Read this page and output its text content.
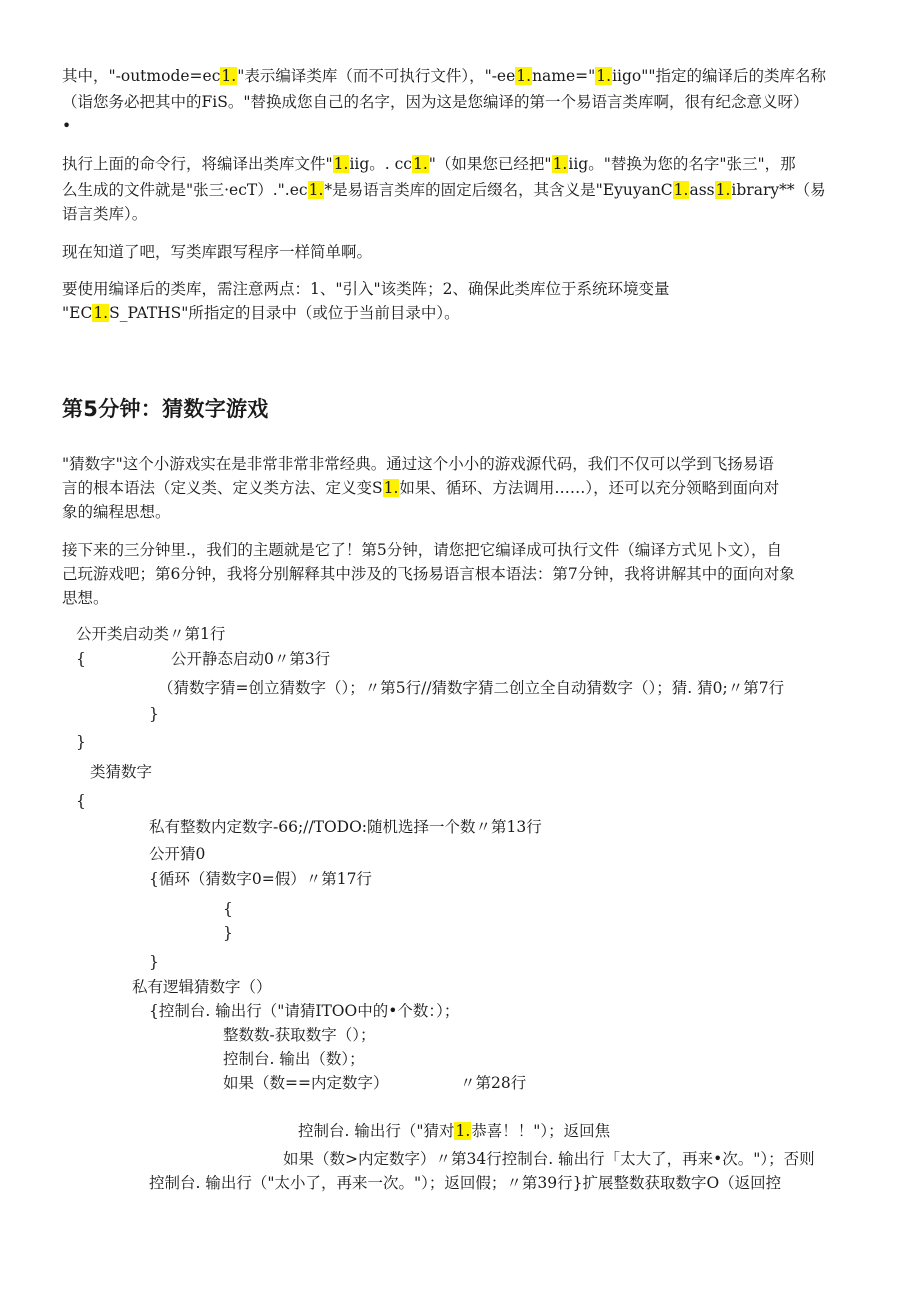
其中，"-outmode=ec1."表示编译类库（而不可执行文件），"-ee1.name="1.iigo""指定的编译后的类库名称
（诣您务必把其中的FiS。"替换成您自己的名字，因为这是您编译的第一个易语言类库啊，很有纪念意义呀）
•
执行上面的命令行，将编译出类库文件"1.iig。. cc1."（如果您已经把"1.iig。"替换为您的名字"张三"，那
么生成的文件就是"张三·ecT）.".ec1.*是易语言类库的固定后缀名，其含义是"EyuyanC1.ass1.ibrary**（易
语言类库）。
现在知道了吧，写类库跟写程序一样简单啊。
要使用编译后的类库，需注意两点：1、"引入"该类阵；2、确保此类库位于系统环境变量
"EC1.S_PATHS"所指定的目录中（或位于当前目录中）。
第5分钟：猜数字游戏
"猜数字"这个小游戏实在是非常非常非常经典。通过这个小小的游戏源代码，我们不仅可以学到飞扬易语
言的根本语法（定义类、定义类方法、定义变S1.如果、循环、方法调用……），还可以充分领略到面向对
象的编程思想。
接下来的三分钟里.，我们的主题就是它了！第5分钟，请您把它编译成可执行文件（编译方式见卜文），自
己玩游戏吧；第6分钟，我将分别解释其中涉及的飞扬易语言根本语法：第7分钟，我将讲解其中的面向对象
思想。
公开类启动类〃第1行
{	公开静态启动0〃第3行
（猜数字猜=创立猜数字（）；〃第5行//猜数字猜二创立全自动猜数字（）；猜. 猜0;〃第7行
}
}
类猜数字
{
私有整数内定数字-66;//TODO:随机选择一个数〃第13行
公开猜0
{循环（猜数字0=假）〃第17行
{
}
}
私有逻辑猜数字（）
{控制台. 输出行（"请猜ITOO中的•个数：）；
整数数-获取数字（）；
控制台. 输出（数）；
如果（数==内定数字）	〃第28行
控制台. 输出行（"猜对1.恭喜！！"）；返回焦
如果（数>内定数字）〃第34行控制台. 输出行「太大了，再来•次。"）；否则
控制台. 输出行（"太小了，再来一次。"）；返回假；〃第39行}扩展整数获取数字O（返回控
